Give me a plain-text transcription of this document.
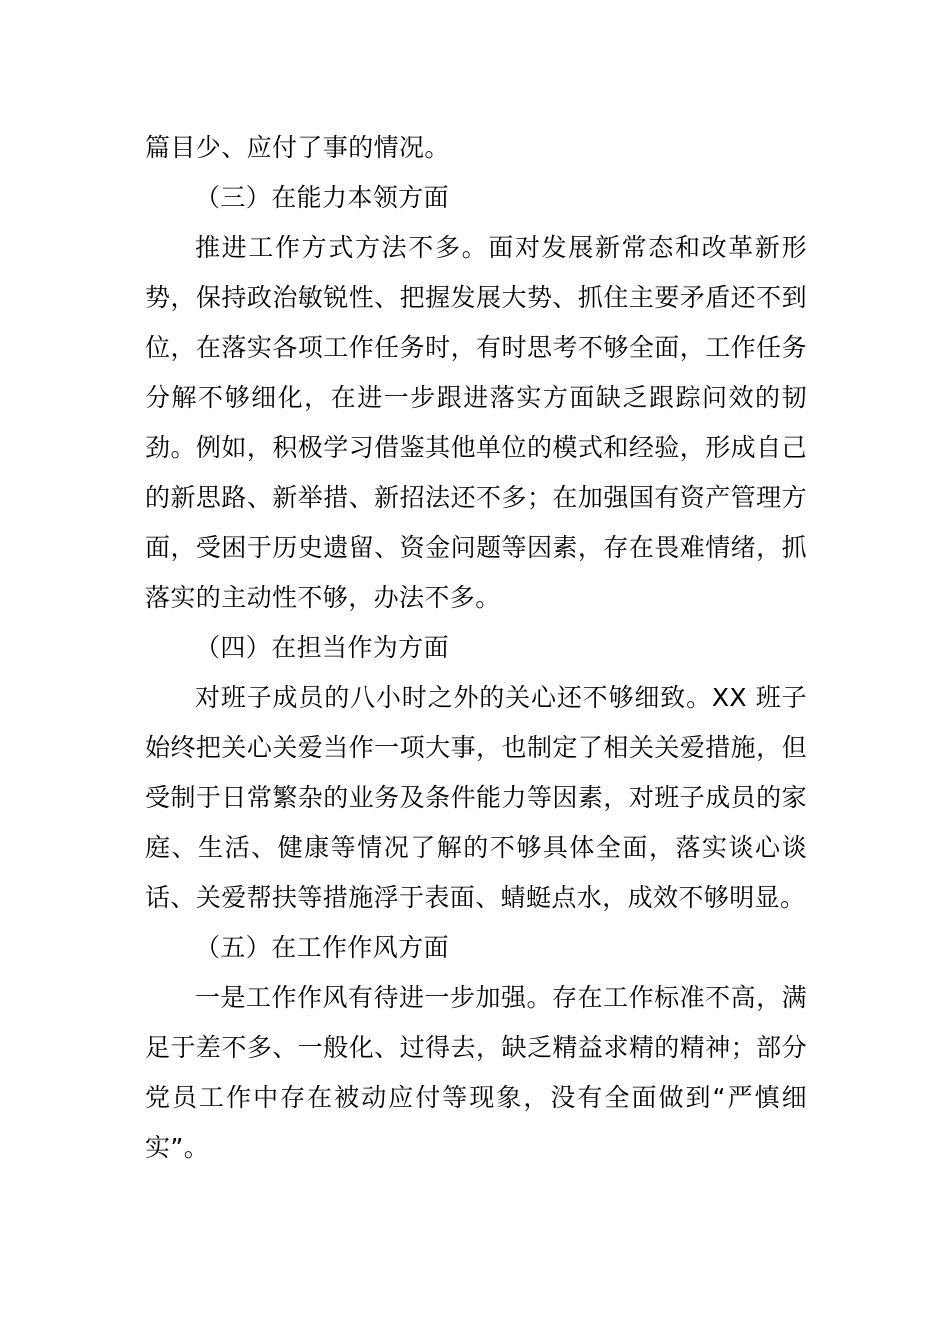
篇目少、应付了事的情况。

（三）在能力本领方面

推进工作方式方法不多。面对发展新常态和改革新形势，保持政治敏锐性、把握发展大势、抓住主要矛盾还不到位，在落实各项工作任务时，有时思考不够全面，工作任务分解不够细化，在进一步跟进落实方面缺乏跟踪问效的韧劲。例如，积极学习借鉴其他单位的模式和经验，形成自己的新思路、新举措、新招法还不多；在加强国有资产管理方面，受困于历史遗留、资金问题等因素，存在畏难情绪，抓落实的主动性不够，办法不多。

（四）在担当作为方面

对班子成员的八小时之外的关心还不够细致。XX 班子始终把关心关爱当作一项大事，也制定了相关关爱措施，但受制于日常繁杂的业务及条件能力等因素，对班子成员的家庭、生活、健康等情况了解的不够具体全面，落实谈心谈话、关爱帮扶等措施浮于表面、蜻蜓点水，成效不够明显。

（五）在工作作风方面

一是工作作风有待进一步加强。存在工作标准不高，满足于差不多、一般化、过得去，缺乏精益求精的精神；部分党员工作中存在被动应付等现象，没有全面做到“严慎细实”。
